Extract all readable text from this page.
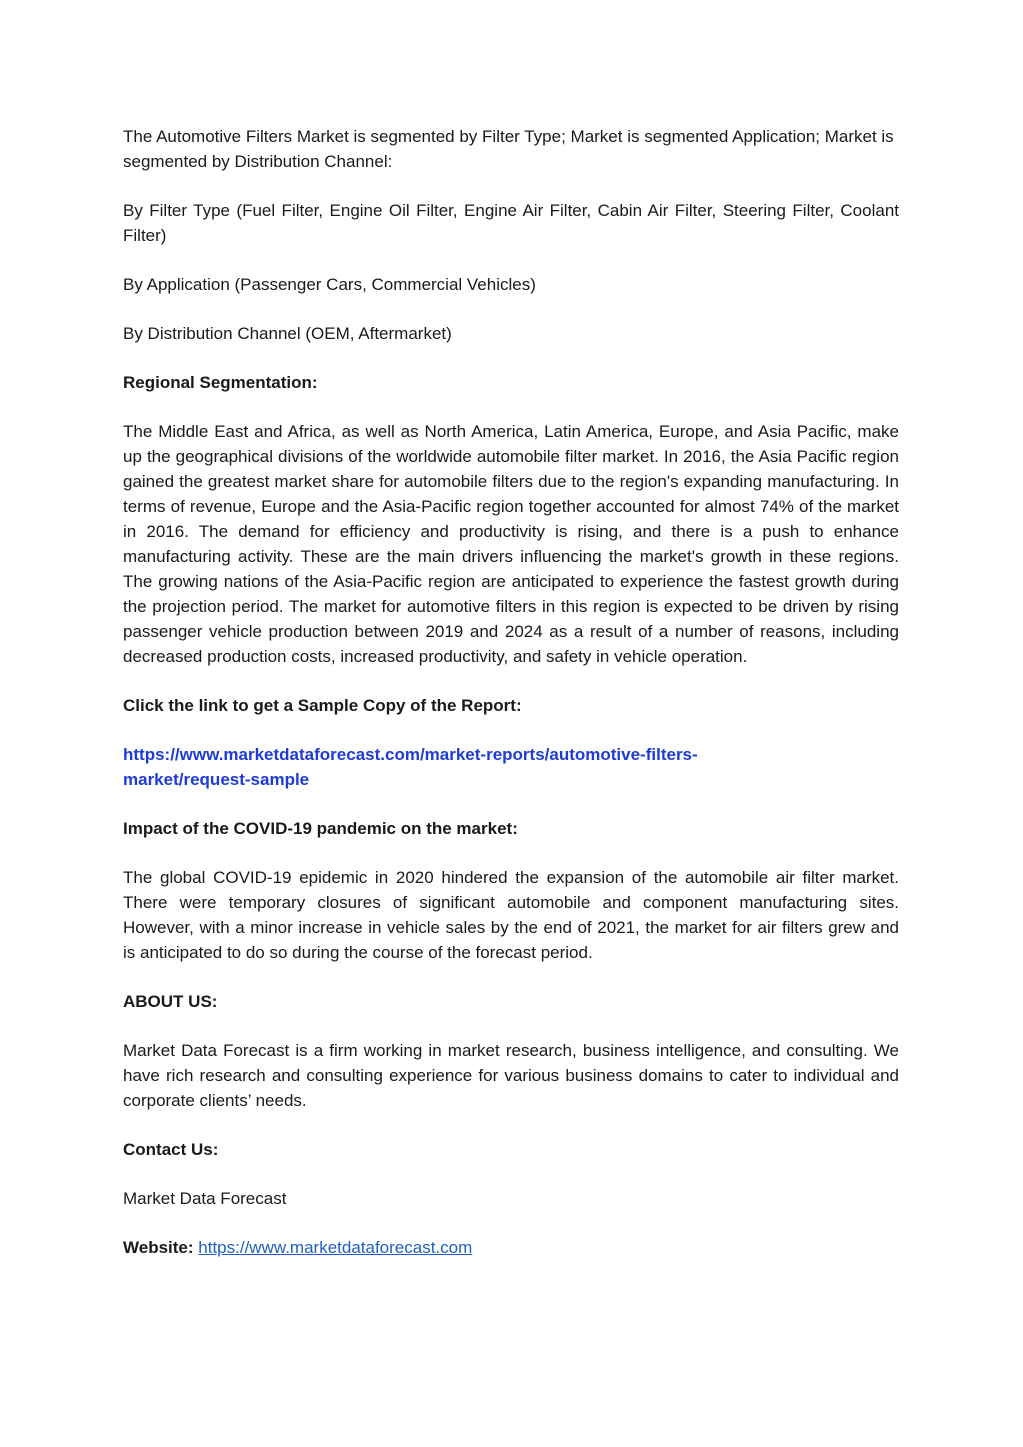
The Automotive Filters Market is segmented by Filter Type; Market is segmented Application; Market is segmented by Distribution Channel:

By Filter Type (Fuel Filter, Engine Oil Filter, Engine Air Filter, Cabin Air Filter, Steering Filter, Coolant Filter)

By Application (Passenger Cars, Commercial Vehicles)

By Distribution Channel (OEM, Aftermarket)

Regional Segmentation:

The Middle East and Africa, as well as North America, Latin America, Europe, and Asia Pacific, make up the geographical divisions of the worldwide automobile filter market. In 2016, the Asia Pacific region gained the greatest market share for automobile filters due to the region's expanding manufacturing. In terms of revenue, Europe and the Asia-Pacific region together accounted for almost 74% of the market in 2016. The demand for efficiency and productivity is rising, and there is a push to enhance manufacturing activity. These are the main drivers influencing the market's growth in these regions. The growing nations of the Asia-Pacific region are anticipated to experience the fastest growth during the projection period. The market for automotive filters in this region is expected to be driven by rising passenger vehicle production between 2019 and 2024 as a result of a number of reasons, including decreased production costs, increased productivity, and safety in vehicle operation.

Click the link to get a Sample Copy of the Report:

https://www.marketdataforecast.com/market-reports/automotive-filters-
market/request-sample

Impact of the COVID-19 pandemic on the market:

The global COVID-19 epidemic in 2020 hindered the expansion of the automobile air filter market. There were temporary closures of significant automobile and component manufacturing sites. However, with a minor increase in vehicle sales by the end of 2021, the market for air filters grew and is anticipated to do so during the course of the forecast period.

ABOUT US:

Market Data Forecast is a firm working in market research, business intelligence, and consulting. We have rich research and consulting experience for various business domains to cater to individual and corporate clients’ needs.

Contact Us:

Market Data Forecast

Website: https://www.marketdataforecast.com
